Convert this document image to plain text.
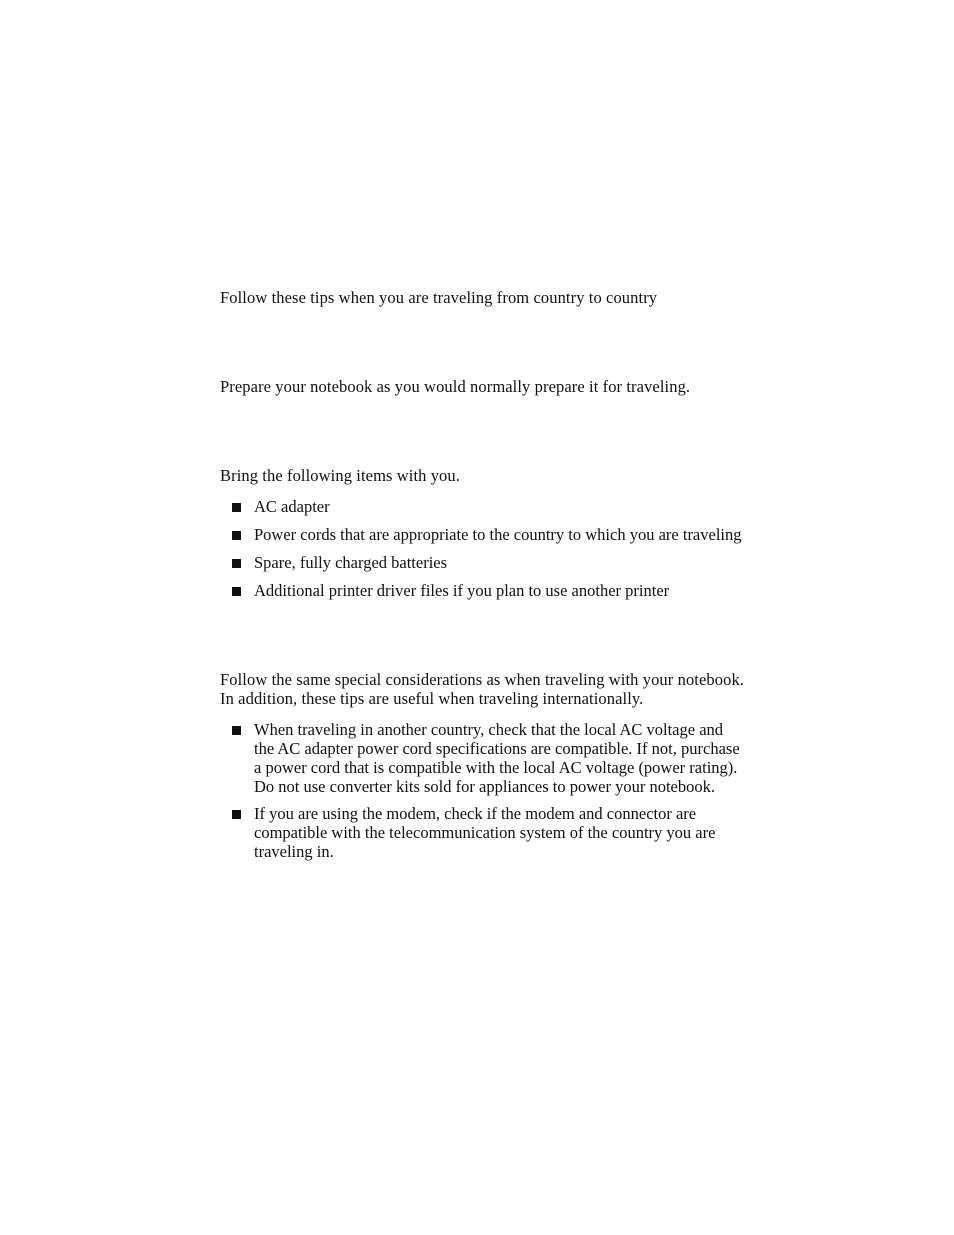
Follow these tips when you are traveling from country to country

Prepare your notebook as you would normally prepare it for traveling.

Bring the following items with you.

AC adapter
Power cords that are appropriate to the country to which you are traveling
Spare, fully charged batteries
Additional printer driver files if you plan to use another printer
Follow the same special considerations as when traveling with your notebook.
In addition, these tips are useful when traveling internationally.
When traveling in another country, check that the local AC voltage and
the AC adapter power cord specifications are compatible. If not, purchase
a power cord that is compatible with the local AC voltage (power rating).
Do not use converter kits sold for appliances to power your notebook.
If you are using the modem, check if the modem and connector are
compatible with the telecommunication system of the country you are
traveling in.
